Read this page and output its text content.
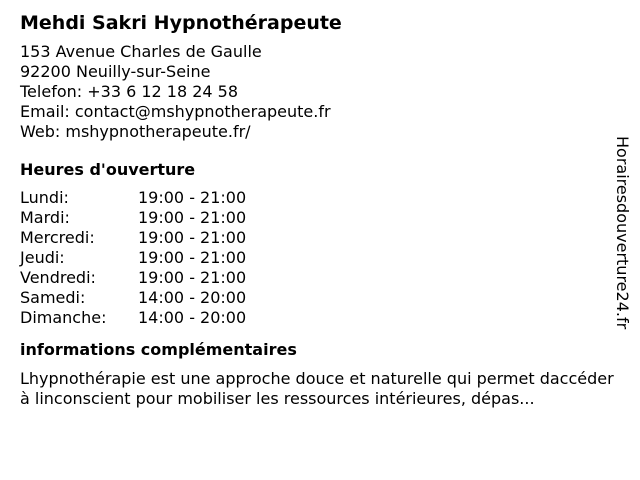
Mehdi Sakri Hypnothérapeute
153 Avenue Charles de Gaulle
92200 Neuilly-sur-Seine
Telefon: +33 6 12 18 24 58
Email: contact@mshypnotherapeute.fr
Web: mshypnotherapeute.fr/
Heures d'ouverture
Lundi:	19:00 - 21:00
Mardi:	19:00 - 21:00
Mercredi:	19:00 - 21:00
Jeudi:	19:00 - 21:00
Vendredi:	19:00 - 21:00
Samedi:	14:00 - 20:00
Dimanche:	14:00 - 20:00
informations complémentaires
Lhypnothérapie est une approche douce et naturelle qui permet daccéder à linconscient pour mobiliser les ressources intérieures, dépas...
Horairesdouverture24.fr
